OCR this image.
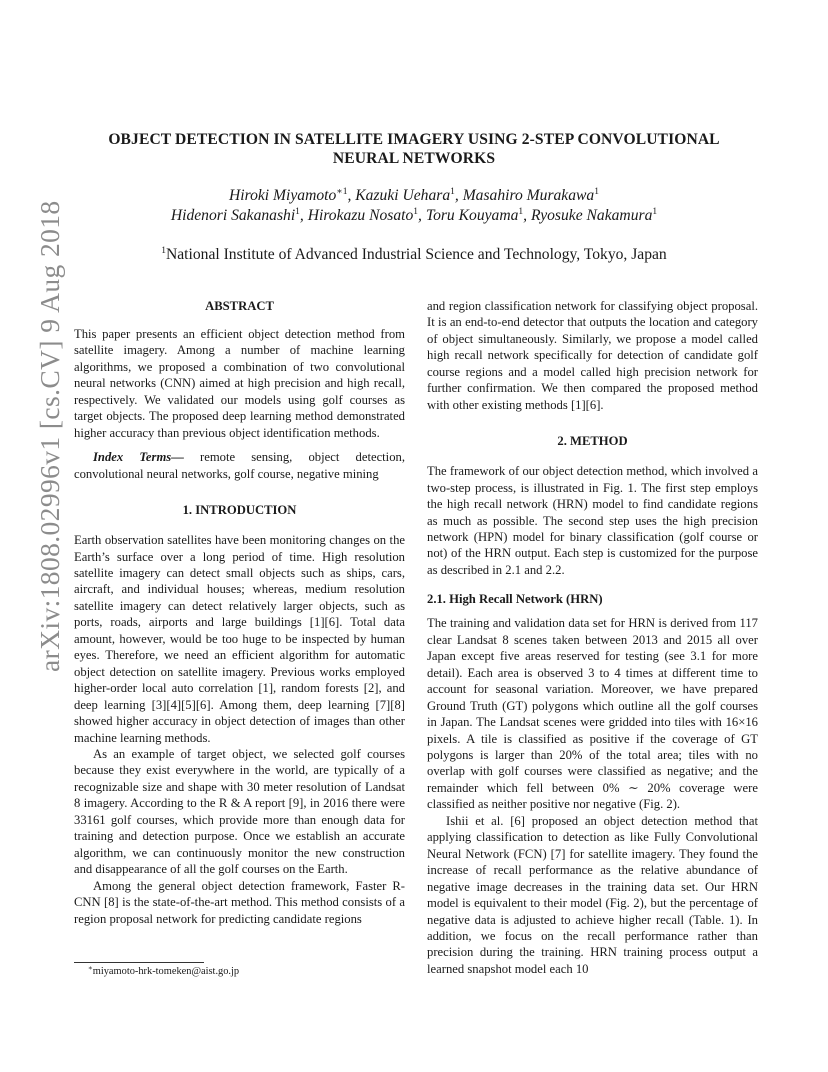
arXiv:1808.02996v1 [cs.CV] 9 Aug 2018
OBJECT DETECTION IN SATELLITE IMAGERY USING 2-STEP CONVOLUTIONAL
NEURAL NETWORKS
Hiroki Miyamoto$^{∗1}$, Kazuki Uehara$^1$, Masahiro Murakawa$^1$
Hidenori Sakanashi$^1$, Hirokazu Nosato$^1$, Toru Kouyama$^1$, Ryosuke Nakamura$^1$
$^1$National Institute of Advanced Industrial Science and Technology, Tokyo, Japan
ABSTRACT

This paper presents an efficient object detection method from satellite imagery. Among a number of machine learning algorithms, we proposed a combination of two convolutional neural networks (CNN) aimed at high precision and high recall, respectively. We validated our models using golf courses as target objects. The proposed deep learning method demonstrated higher accuracy than previous object identification methods.

Index Terms— remote sensing, object detection, convolutional neural networks, golf course, negative mining

1. INTRODUCTION

Earth observation satellites have been monitoring changes on the Earth’s surface over a long period of time. High resolution satellite imagery can detect small objects such as ships, cars, aircraft, and individual houses; whereas, medium resolution satellite imagery can detect relatively larger objects, such as ports, roads, airports and large buildings [1][6]. Total data amount, however, would be too huge to be inspected by human eyes. Therefore, we need an efficient algorithm for automatic object detection on satellite imagery. Previous works employed higher-order local auto correlation [1], random forests [2], and deep learning [3][4][5][6]. Among them, deep learning [7][8] showed higher accuracy in object detection of images than other machine learning methods.

As an example of target object, we selected golf courses because they exist everywhere in the world, are typically of a recognizable size and shape with 30 meter resolution of Landsat 8 imagery. According to the R & A report [9], in 2016 there were 33161 golf courses, which provide more than enough data for training and detection purpose. Once we establish an accurate algorithm, we can continuously monitor the new construction and disappearance of all the golf courses on the Earth.

Among the general object detection framework, Faster R-CNN [8] is the state-of-the-art method. This method consists of a region proposal network for predicting candidate regions

and region classification network for classifying object proposal. It is an end-to-end detector that outputs the location and category of object simultaneously. Similarly, we propose a model called high recall network specifically for detection of candidate golf course regions and a model called high precision network for further confirmation. We then compared the proposed method with other existing methods [1][6].

2. METHOD

The framework of our object detection method, which involved a two-step process, is illustrated in Fig. 1. The first step employs the high recall network (HRN) model to find candidate regions as much as possible. The second step uses the high precision network (HPN) model for binary classification (golf course or not) of the HRN output. Each step is customized for the purpose as described in 2.1 and 2.2.

2.1. High Recall Network (HRN)

The training and validation data set for HRN is derived from 117 clear Landsat 8 scenes taken between 2013 and 2015 all over Japan except five areas reserved for testing (see 3.1 for more detail). Each area is observed 3 to 4 times at different time to account for seasonal variation. Moreover, we have prepared Ground Truth (GT) polygons which outline all the golf courses in Japan. The Landsat scenes were gridded into tiles with 16×16 pixels. A tile is classified as positive if the coverage of GT polygons is larger than 20% of the total area; tiles with no overlap with golf courses were classified as negative; and the remainder which fell between 0% ∼ 20% coverage were classified as neither positive nor negative (Fig. 2).

Ishii et al. [6] proposed an object detection method that applying classification to detection as like Fully Convolutional Neural Network (FCN) [7] for satellite imagery. They found the increase of recall performance as the relative abundance of negative image decreases in the training data set. Our HRN model is equivalent to their model (Fig. 2), but the percentage of negative data is adjusted to achieve higher recall (Table. 1). In addition, we focus on the recall performance rather than precision during the training. HRN training process output a learned snapshot model each 10

∗miyamoto-hrk-tomeken@aist.go.jp
